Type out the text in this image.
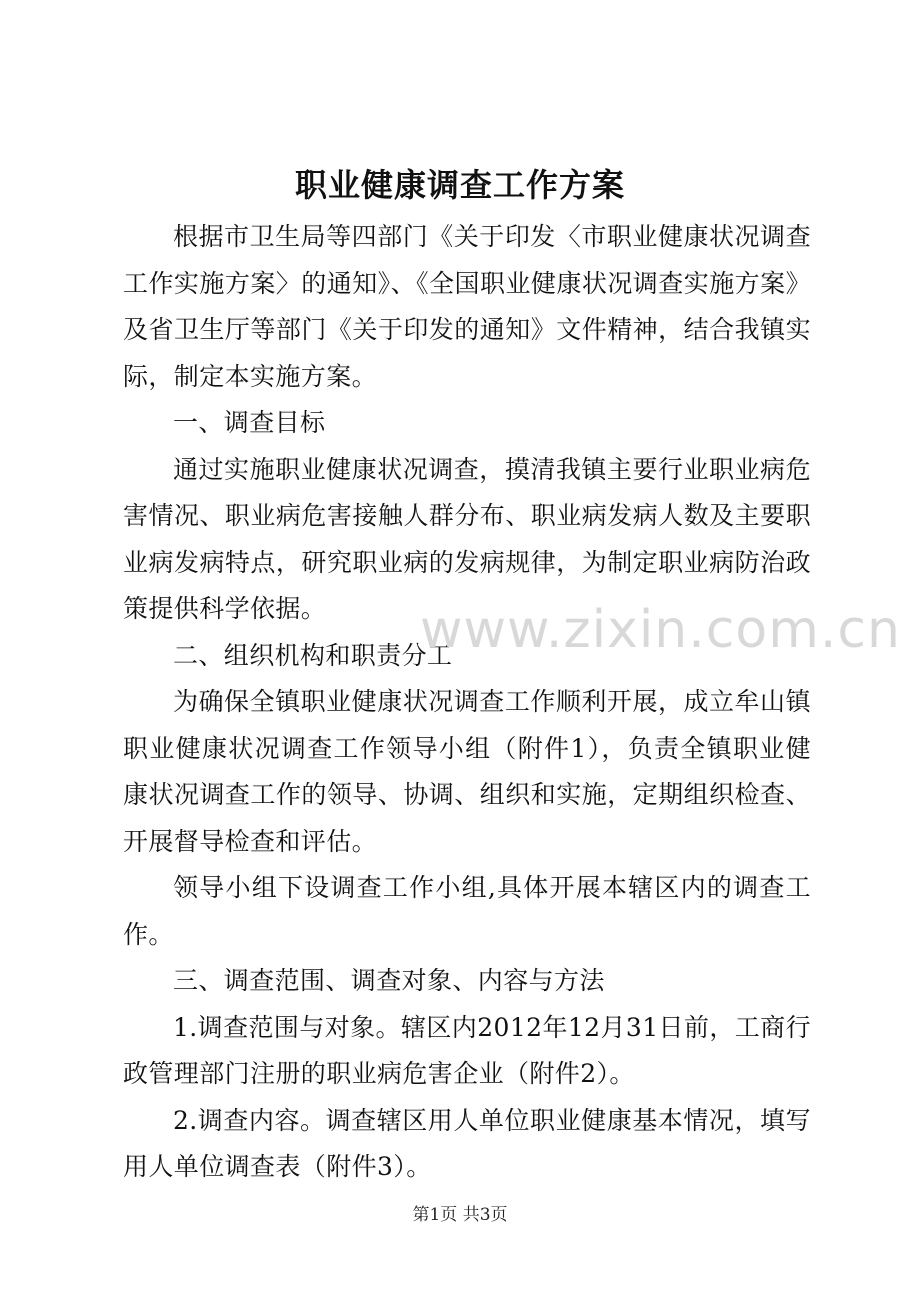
职业健康调查工作方案

根据市卫生局等四部门《关于印发〈市职业健康状况调查工作实施方案〉的通知》、《全国职业健康状况调查实施方案》及省卫生厅等部门《关于印发的通知》文件精神，结合我镇实际，制定本实施方案。

一、调查目标

通过实施职业健康状况调查，摸清我镇主要行业职业病危害情况、职业病危害接触人群分布、职业病发病人数及主要职业病发病特点，研究职业病的发病规律，为制定职业病防治政策提供科学依据。

二、组织机构和职责分工

为确保全镇职业健康状况调查工作顺利开展，成立牟山镇职业健康状况调查工作领导小组（附件1），负责全镇职业健康状况调查工作的领导、协调、组织和实施，定期组织检查、开展督导检查和评估。

领导小组下设调查工作小组,具体开展本辖区内的调查工作。

三、调查范围、调查对象、内容与方法

1.调查范围与对象。辖区内2012年12月31日前，工商行政管理部门注册的职业病危害企业（附件2）。

2.调查内容。调查辖区用人单位职业健康基本情况，填写用人单位调查表（附件3）。

www.zixin.com.cn
第1页 共3页
